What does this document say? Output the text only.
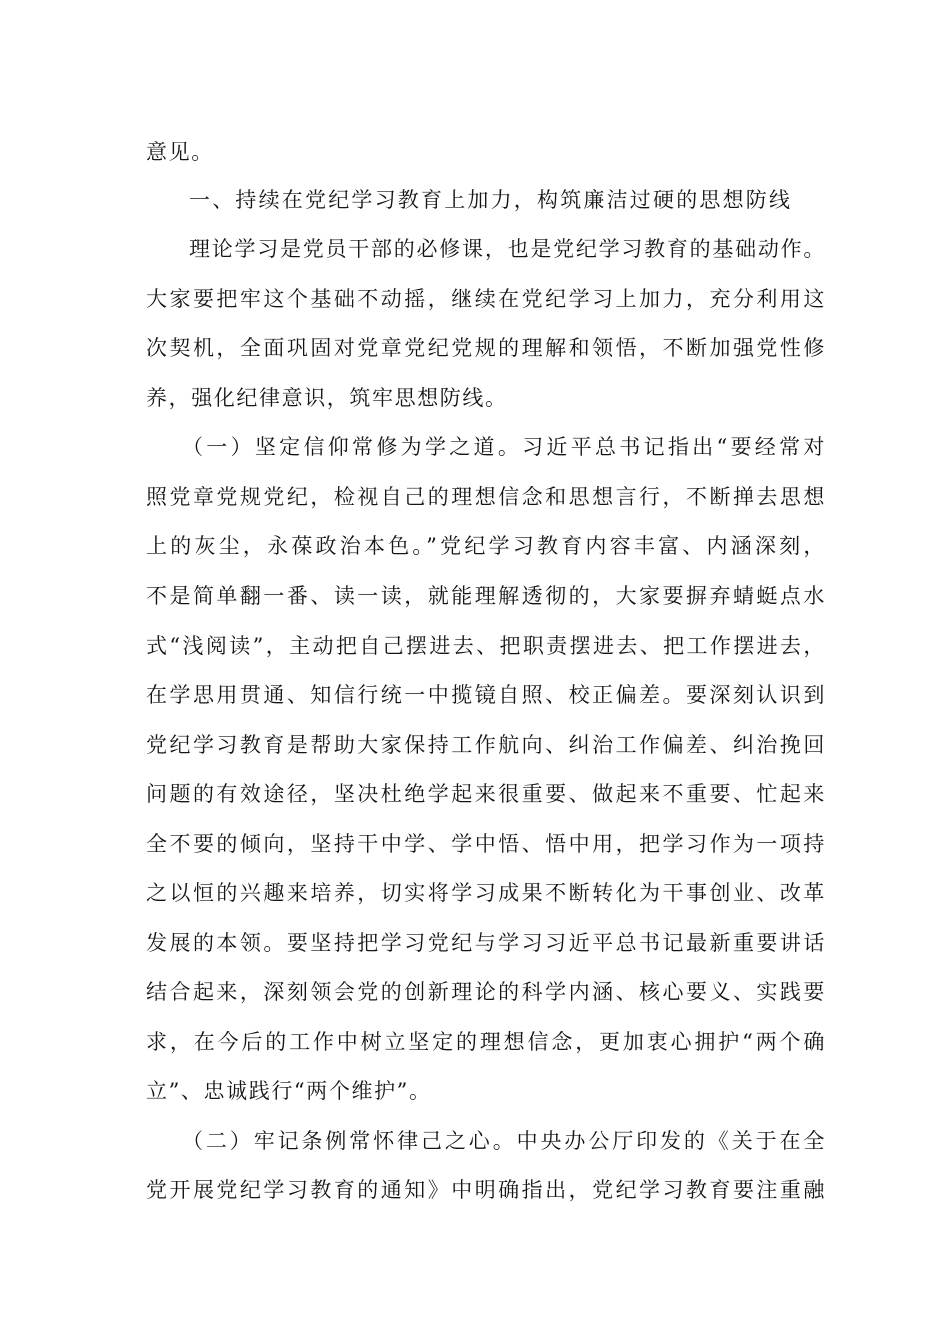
意见。
一、持续在党纪学习教育上加力，构筑廉洁过硬的思想防线
理论学习是党员干部的必修课，也是党纪学习教育的基础动作。
大家要把牢这个基础不动摇，继续在党纪学习上加力，充分利用这
次契机，全面巩固对党章党纪党规的理解和领悟，不断加强党性修
养，强化纪律意识，筑牢思想防线。
（一）坚定信仰常修为学之道。习近平总书记指出“要经常对
照党章党规党纪，检视自己的理想信念和思想言行，不断掸去思想
上的灰尘，永葆政治本色。”党纪学习教育内容丰富、内涵深刻，
不是简单翻一番、读一读，就能理解透彻的，大家要摒弃蜻蜓点水
式“浅阅读”，主动把自己摆进去、把职责摆进去、把工作摆进去，
在学思用贯通、知信行统一中揽镜自照、校正偏差。要深刻认识到
党纪学习教育是帮助大家保持工作航向、纠治工作偏差、纠治挽回
问题的有效途径，坚决杜绝学起来很重要、做起来不重要、忙起来
全不要的倾向，坚持干中学、学中悟、悟中用，把学习作为一项持
之以恒的兴趣来培养，切实将学习成果不断转化为干事创业、改革
发展的本领。要坚持把学习党纪与学习习近平总书记最新重要讲话
结合起来，深刻领会党的创新理论的科学内涵、核心要义、实践要
求，在今后的工作中树立坚定的理想信念，更加衷心拥护“两个确
立”、忠诚践行“两个维护”。
（二）牢记条例常怀律己之心。中央办公厅印发的《关于在全
党开展党纪学习教育的通知》中明确指出，党纪学习教育要注重融
